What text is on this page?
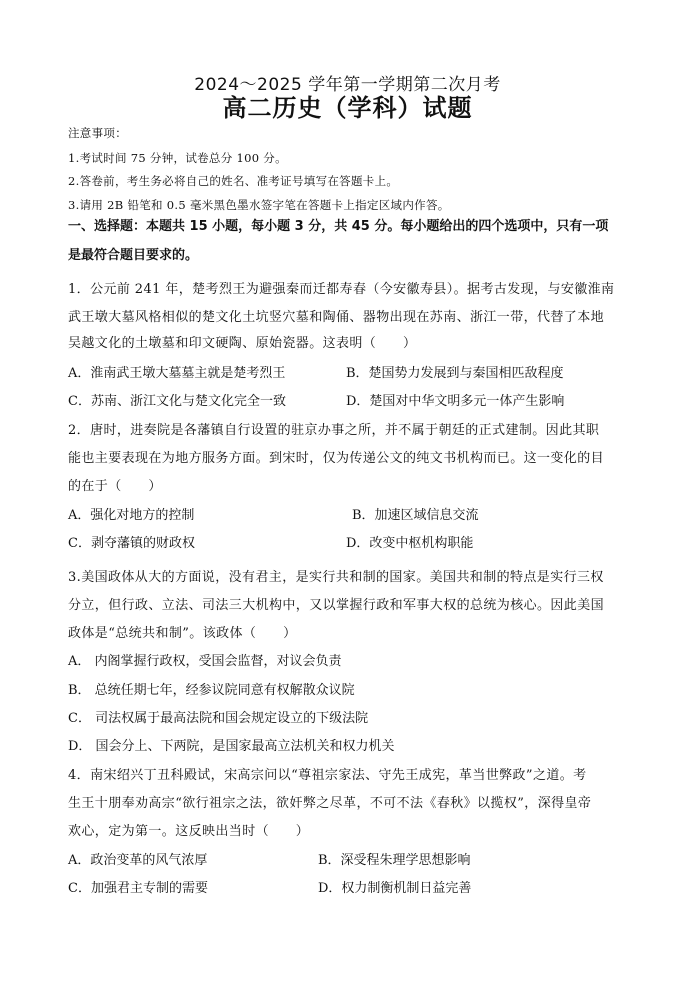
2024～2025 学年第一学期第二次月考
高二历史（学科）试题
注意事项：
1.考试时间 75 分钟，试卷总分 100 分。
2.答卷前，考生务必将自己的姓名、准考证号填写在答题卡上。
3.请用 2B 铅笔和 0.5 毫米黑色墨水签字笔在答题卡上指定区域内作答。
一、选择题：本题共 15 小题，每小题 3 分，共 45 分。每小题给出的四个选项中，只有一项
是最符合题目要求的。
1．公元前 241 年，楚考烈王为避强秦而迁都寿春（今安徽寿县）。据考古发现，与安徽淮南
武王墩大墓风格相似的楚文化土坑竖穴墓和陶俑、器物出现在苏南、浙江一带，代替了本地
吴越文化的土墩墓和印文硬陶、原始瓷器。这表明（　　）
A．淮南武王墩大墓墓主就是楚考烈王	B．楚国势力发展到与秦国相匹敌程度
C．苏南、浙江文化与楚文化完全一致	D．楚国对中华文明多元一体产生影响
2．唐时，进奏院是各藩镇自行设置的驻京办事之所，并不属于朝廷的正式建制。因此其职
能也主要表现在为地方服务方面。到宋时，仅为传递公文的纯文书机构而已。这一变化的目
的在于（　　）
A．强化对地方的控制	B．加速区域信息交流
C．剥夺藩镇的财政权	D．改变中枢机构职能
3.美国政体从大的方面说，没有君主，是实行共和制的国家。美国共和制的特点是实行三权
分立，但行政、立法、司法三大机构中，又以掌握行政和军事大权的总统为核心。因此美国
政体是“总统共和制”。该政体（　　）
A． 内阁掌握行政权，受国会监督，对议会负责
B． 总统任期七年，经参议院同意有权解散众议院
C． 司法权属于最高法院和国会规定设立的下级法院
D． 国会分上、下两院，是国家最高立法机关和权力机关
4．南宋绍兴丁丑科殿试，宋高宗问以“尊祖宗家法、守先王成宪，革当世弊政”之道。考
生王十朋奉劝高宗“欲行祖宗之法，欲奸弊之尽革，不可不法《春秋》以揽权”，深得皇帝
欢心，定为第一。这反映出当时（　　）
A．政治变革的风气浓厚	B．深受程朱理学思想影响
C．加强君主专制的需要	D．权力制衡机制日益完善
